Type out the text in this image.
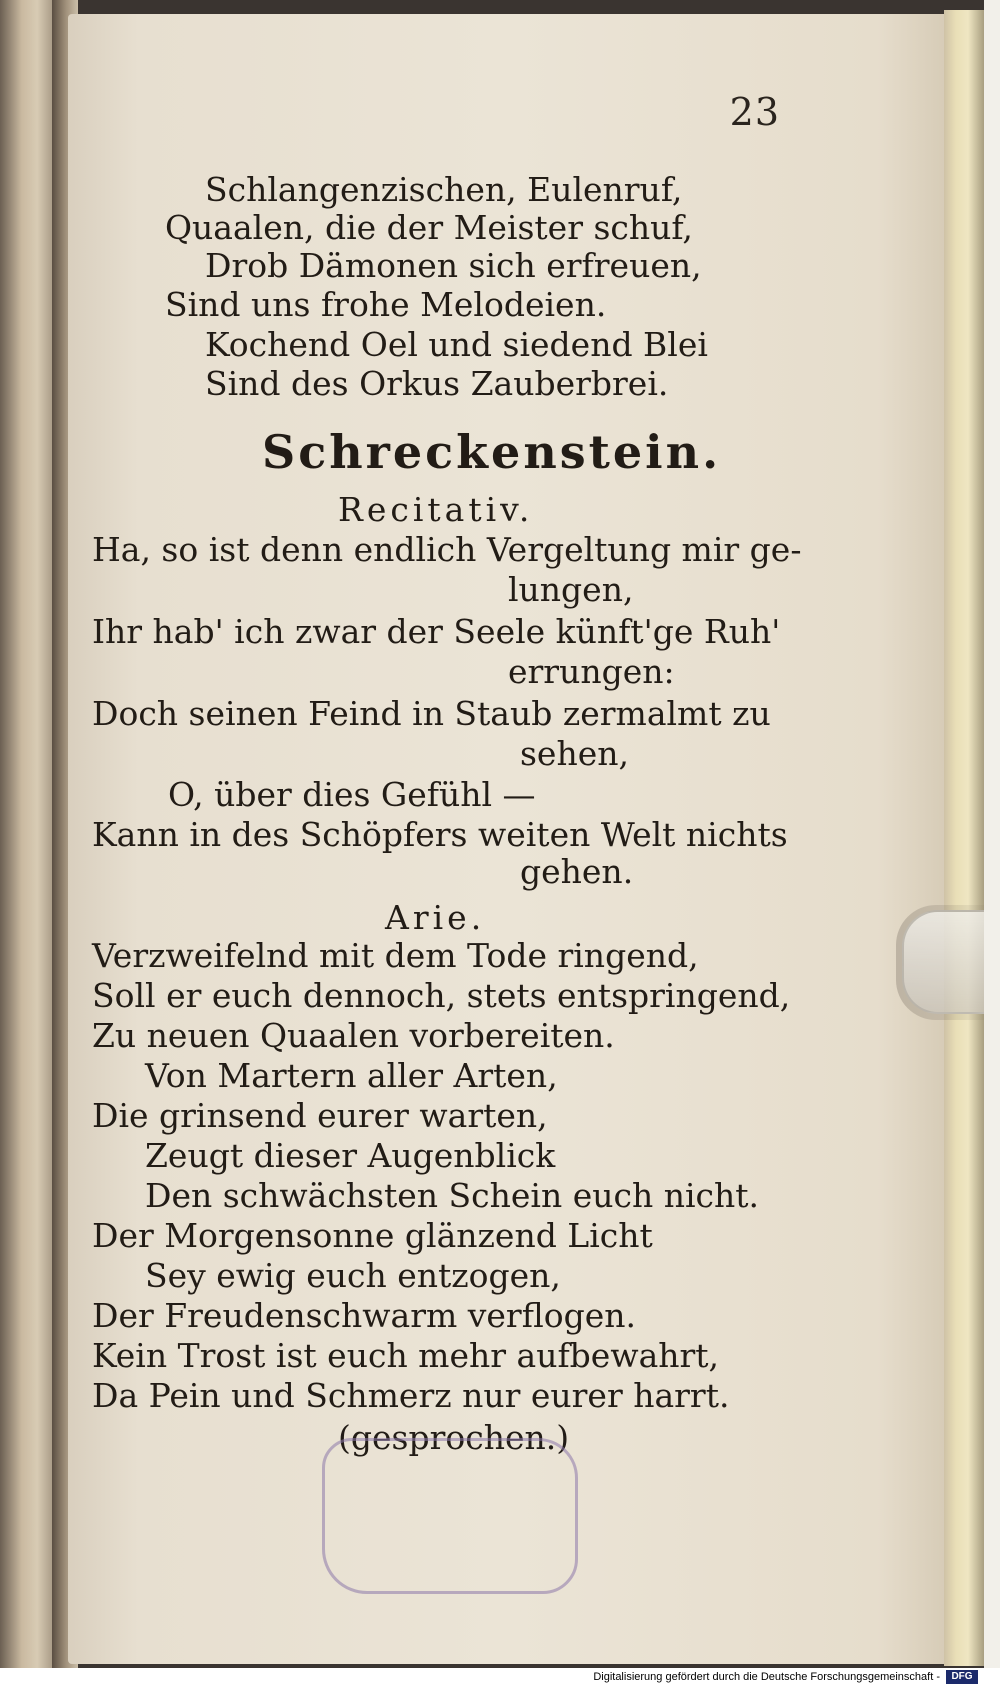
23
Schlangenzischen, Eulenruf,
Quaalen, die der Meister schuf,
Drob Dämonen sich erfreuen,
Sind uns frohe Melodeien.
Kochend Oel und siedend Blei
Sind des Orkus Zauberbrei.
Schreckenstein.
Recitativ.
Ha, so ist denn endlich Vergeltung mir ge-
lungen,
Ihr hab' ich zwar der Seele künft'ge Ruh'
errungen:
Doch seinen Feind in Staub zermalmt zu
sehen,
O, über dies Gefühl —
Kann in des Schöpfers weiten Welt nichts
gehen.
Arie.
Verzweifelnd mit dem Tode ringend,
Soll er euch dennoch, stets entspringend,
Zu neuen Quaalen vorbereiten.
Von Martern aller Arten,
Die grinsend eurer warten,
Zeugt dieser Augenblick
Den schwächsten Schein euch nicht.
Der Morgensonne glänzend Licht
Sey ewig euch entzogen,
Der Freudenschwarm verflogen.
Kein Trost ist euch mehr aufbewahrt,
Da Pein und Schmerz nur eurer harrt.
(gesprochen.)
Digitalisierung gefördert durch die Deutsche Forschungsgemeinschaft -	DFG
